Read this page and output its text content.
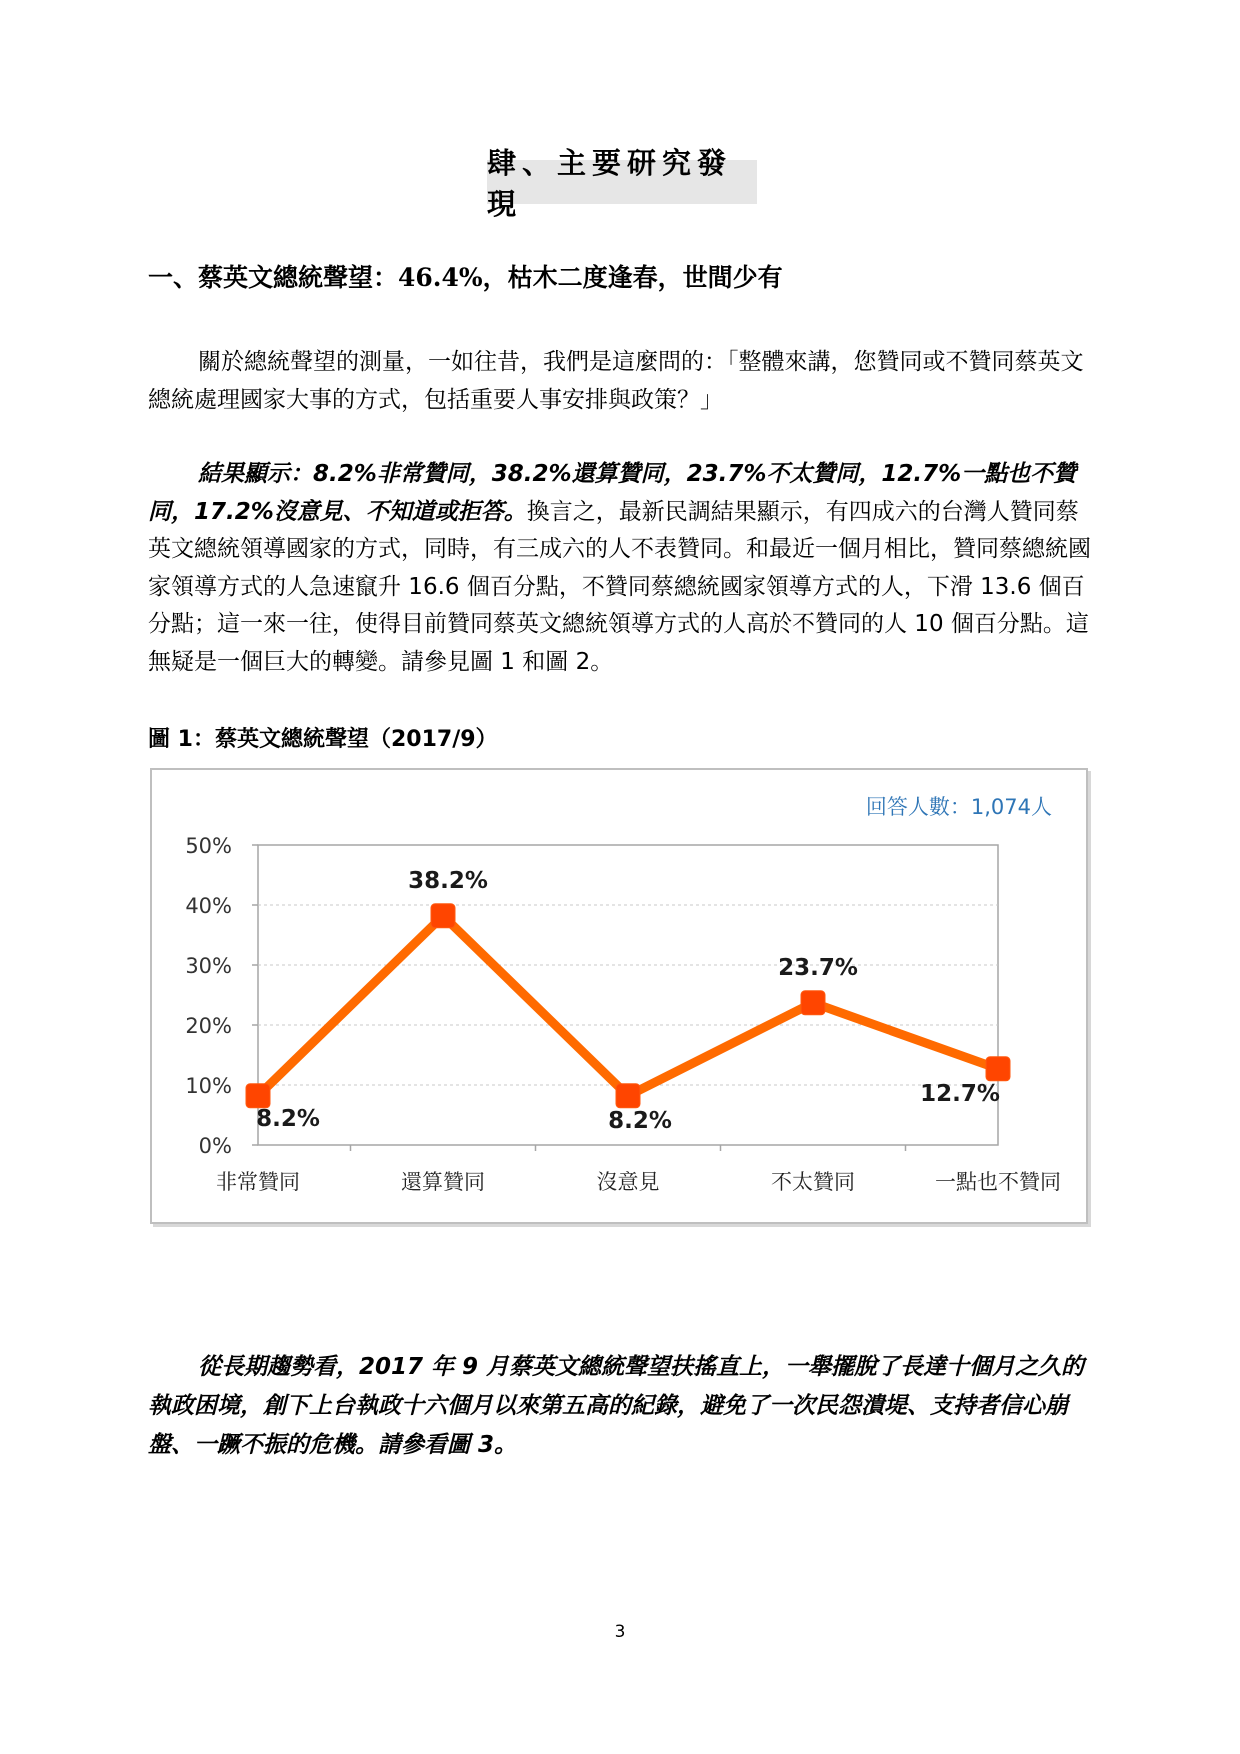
肆、主要研究發現
一、蔡英文總統聲望：46.4%，枯木二度逢春，世間少有

關於總統聲望的測量，一如往昔，我們是這麼問的：「整體來講，您贊同或不贊同蔡英文總統處理國家大事的方式，包括重要人事安排與政策？」

結果顯示：8.2%非常贊同，38.2%還算贊同，23.7%不太贊同，12.7%一點也不贊同，17.2%沒意見、不知道或拒答。換言之，最新民調結果顯示，有四成六的台灣人贊同蔡英文總統領導國家的方式，同時，有三成六的人不表贊同。和最近一個月相比，贊同蔡總統國家領導方式的人急速竄升 16.6 個百分點，不贊同蔡總統國家領導方式的人，下滑 13.6 個百分點；這一來一往，使得目前贊同蔡英文總統領導方式的人高於不贊同的人 10 個百分點。這無疑是一個巨大的轉變。請參見圖 1 和圖 2。

圖 1：蔡英文總統聲望（2017/9）
0%
10%
20%
30%
40%
50%
非常贊同	還算贊同	沒意見	不太贊同	一點也不贊同
8.2%
38.2%
8.2%
23.7%
12.7%
回答人數：1,074人

從長期趨勢看，2017 年 9 月蔡英文總統聲望扶搖直上，一舉擺脫了長達十個月之久的執政困境，創下上台執政十六個月以來第五高的紀錄，避免了一次民怨潰堤、支持者信心崩盤、一蹶不振的危機。請參看圖 3。

3
